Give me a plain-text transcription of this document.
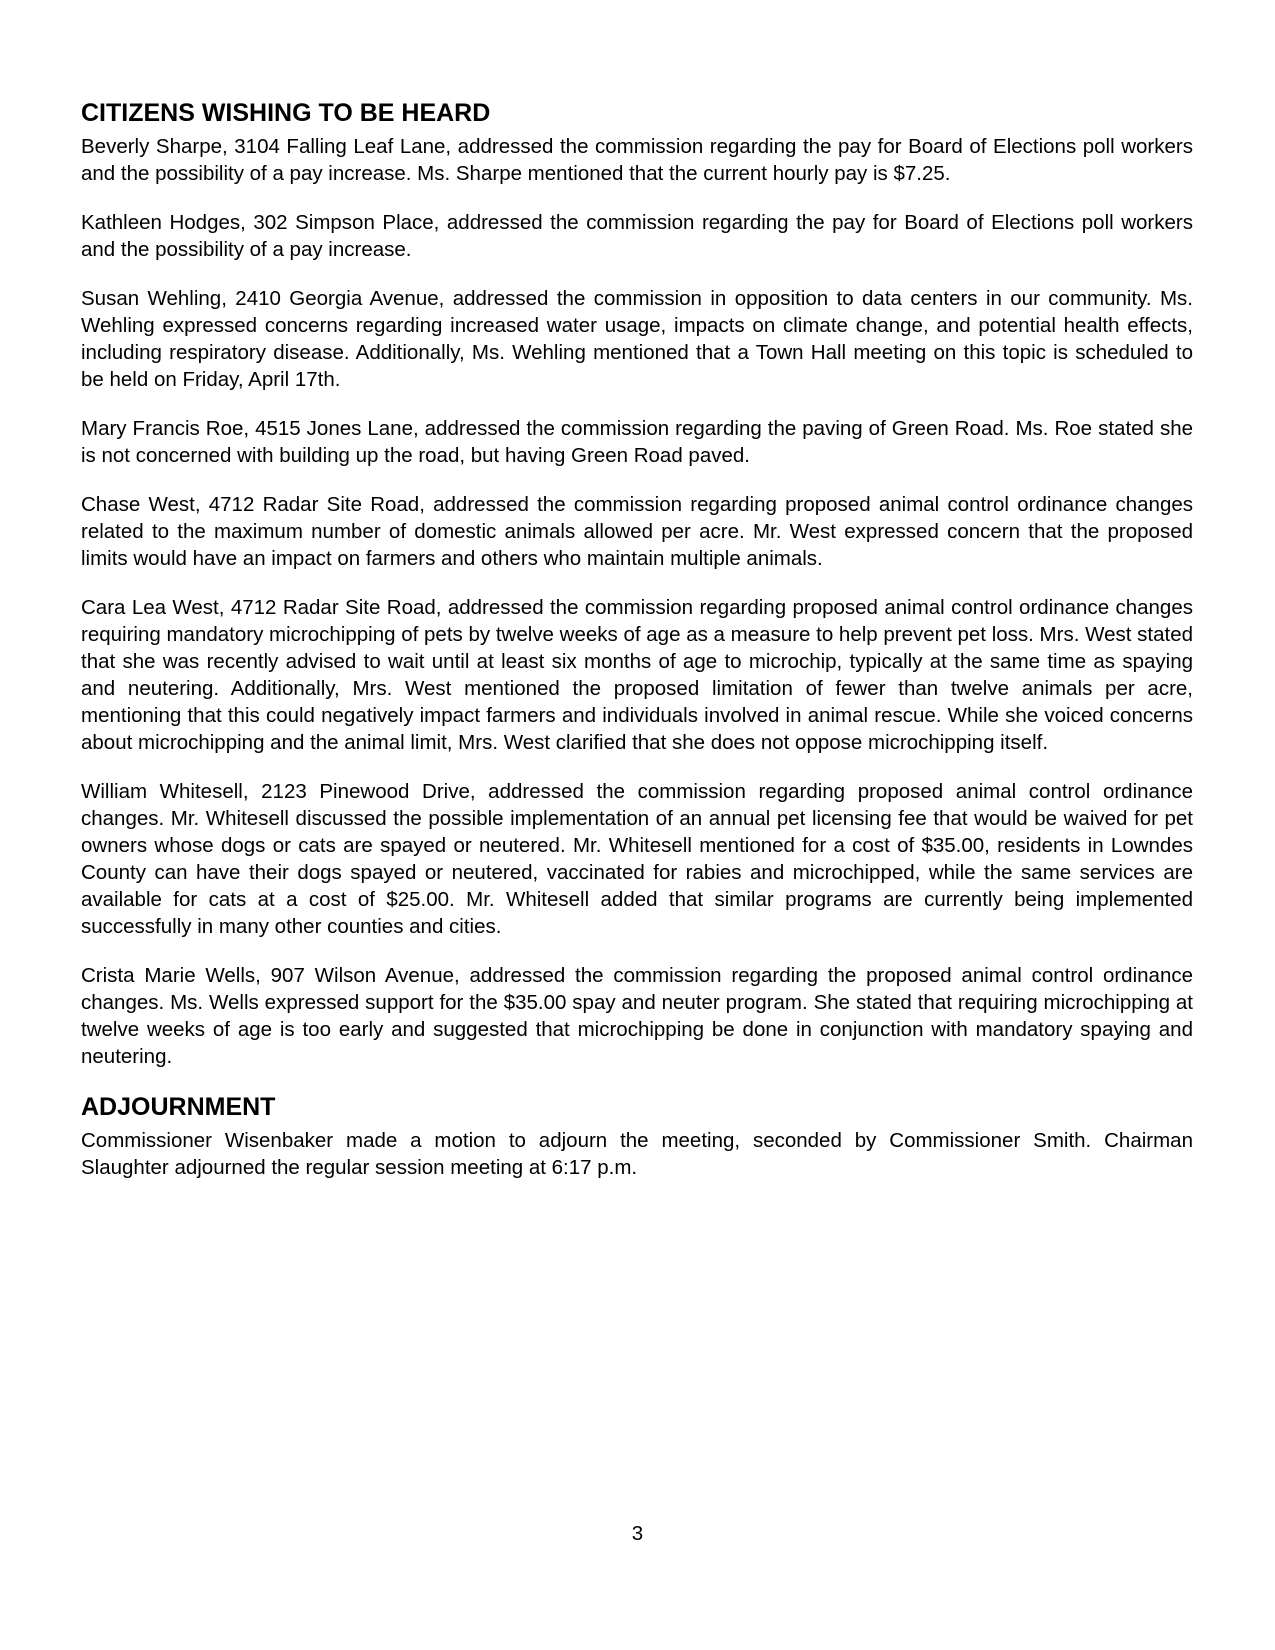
CITIZENS WISHING TO BE HEARD

Beverly Sharpe, 3104 Falling Leaf Lane, addressed the commission regarding the pay for Board of Elections poll workers and the possibility of a pay increase. Ms. Sharpe mentioned that the current hourly pay is $7.25.

Kathleen Hodges, 302 Simpson Place, addressed the commission regarding the pay for Board of Elections poll workers and the possibility of a pay increase.

Susan Wehling, 2410 Georgia Avenue, addressed the commission in opposition to data centers in our community. Ms. Wehling expressed concerns regarding increased water usage, impacts on climate change, and potential health effects, including respiratory disease. Additionally, Ms. Wehling mentioned that a Town Hall meeting on this topic is scheduled to be held on Friday, April 17th.

Mary Francis Roe, 4515 Jones Lane, addressed the commission regarding the paving of Green Road. Ms. Roe stated she is not concerned with building up the road, but having Green Road paved.

Chase West, 4712 Radar Site Road, addressed the commission regarding proposed animal control ordinance changes related to the maximum number of domestic animals allowed per acre. Mr. West expressed concern that the proposed limits would have an impact on farmers and others who maintain multiple animals.

Cara Lea West, 4712 Radar Site Road, addressed the commission regarding proposed animal control ordinance changes requiring mandatory microchipping of pets by twelve weeks of age as a measure to help prevent pet loss. Mrs. West stated that she was recently advised to wait until at least six months of age to microchip, typically at the same time as spaying and neutering. Additionally, Mrs. West mentioned the proposed limitation of fewer than twelve animals per acre, mentioning that this could negatively impact farmers and individuals involved in animal rescue. While she voiced concerns about microchipping and the animal limit, Mrs. West clarified that she does not oppose microchipping itself.

William Whitesell, 2123 Pinewood Drive, addressed the commission regarding proposed animal control ordinance changes. Mr. Whitesell discussed the possible implementation of an annual pet licensing fee that would be waived for pet owners whose dogs or cats are spayed or neutered. Mr. Whitesell mentioned for a cost of $35.00, residents in Lowndes County can have their dogs spayed or neutered, vaccinated for rabies and microchipped, while the same services are available for cats at a cost of $25.00. Mr. Whitesell added that similar programs are currently being implemented successfully in many other counties and cities.

Crista Marie Wells, 907 Wilson Avenue, addressed the commission regarding the proposed animal control ordinance changes. Ms. Wells expressed support for the $35.00 spay and neuter program. She stated that requiring microchipping at twelve weeks of age is too early and suggested that microchipping be done in conjunction with mandatory spaying and neutering.

ADJOURNMENT

Commissioner Wisenbaker made a motion to adjourn the meeting, seconded by Commissioner Smith. Chairman Slaughter adjourned the regular session meeting at 6:17 p.m.

3
